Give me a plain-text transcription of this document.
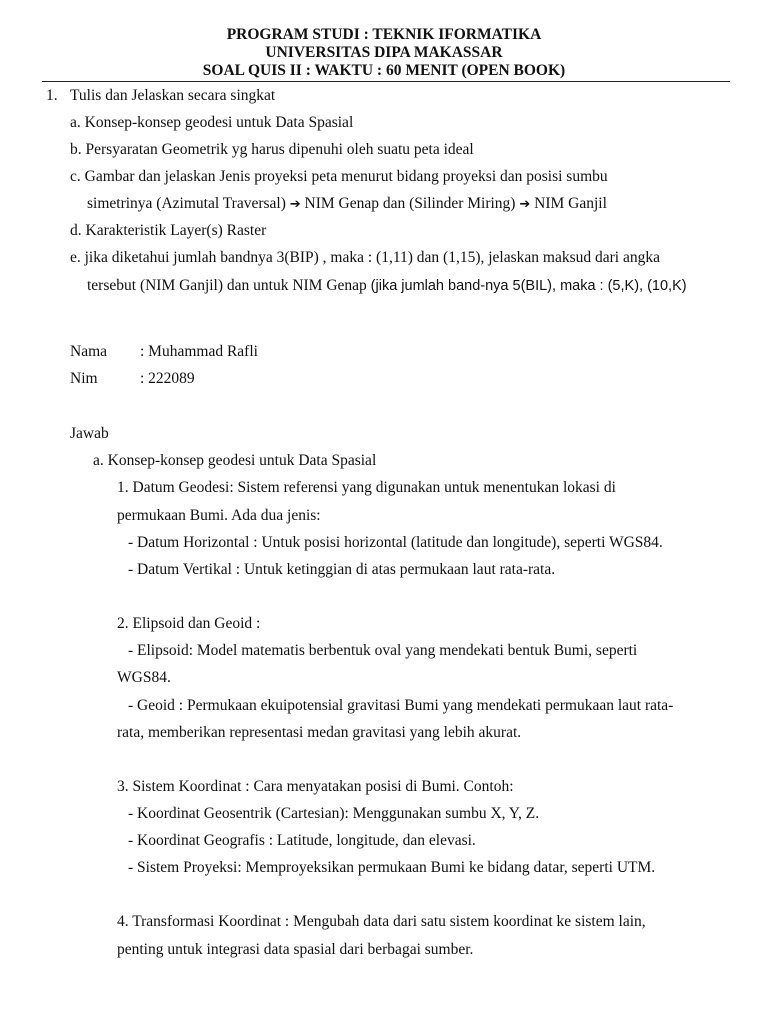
PROGRAM STUDI : TEKNIK IFORMATIKA
UNIVERSITAS DIPA MAKASSAR
SOAL QUIS II : WAKTU : 60 MENIT (OPEN BOOK)
1. Tulis dan Jelaskan secara singkat
a. Konsep-konsep geodesi untuk Data Spasial
b. Persyaratan Geometrik yg harus dipenuhi oleh suatu peta ideal
c. Gambar dan jelaskan Jenis proyeksi peta menurut bidang proyeksi dan posisi sumbu
simetrinya (Azimutal Traversal) ➔ NIM Genap dan (Silinder Miring) ➔ NIM Ganjil
d. Karakteristik Layer(s) Raster
e. jika diketahui jumlah bandnya 3(BIP) , maka : (1,11) dan (1,15), jelaskan maksud dari angka
tersebut (NIM Ganjil) dan untuk NIM Genap (jika jumlah band-nya 5(BIL), maka : (5,K), (10,K)
Nama : Muhammad Rafli
Nim	: 222089
Jawab
a. Konsep-konsep geodesi untuk Data Spasial
1. Datum Geodesi: Sistem referensi yang digunakan untuk menentukan lokasi di
permukaan Bumi. Ada dua jenis:
- Datum Horizontal : Untuk posisi horizontal (latitude dan longitude), seperti WGS84.
- Datum Vertikal : Untuk ketinggian di atas permukaan laut rata-rata.
2. Elipsoid dan Geoid :
- Elipsoid: Model matematis berbentuk oval yang mendekati bentuk Bumi, seperti
WGS84.
- Geoid : Permukaan ekuipotensial gravitasi Bumi yang mendekati permukaan laut rata-
rata, memberikan representasi medan gravitasi yang lebih akurat.
3. Sistem Koordinat : Cara menyatakan posisi di Bumi. Contoh:
- Koordinat Geosentrik (Cartesian): Menggunakan sumbu X, Y, Z.
- Koordinat Geografis : Latitude, longitude, dan elevasi.
- Sistem Proyeksi: Memproyeksikan permukaan Bumi ke bidang datar, seperti UTM.
4. Transformasi Koordinat : Mengubah data dari satu sistem koordinat ke sistem lain,
penting untuk integrasi data spasial dari berbagai sumber.
